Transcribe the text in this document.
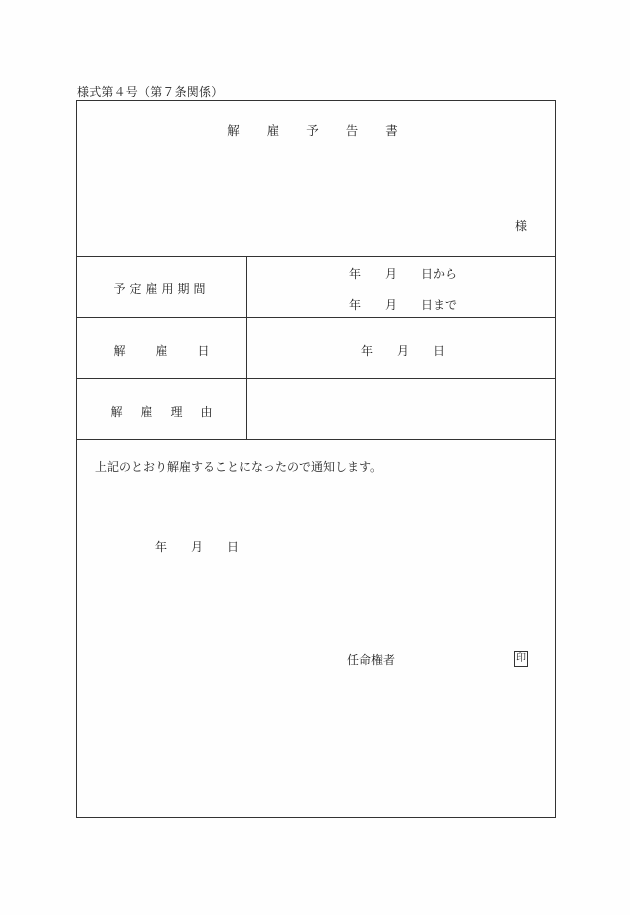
様式第４号（第７条関係）
解雇予告書
様
予定雇用期間
年 月 日から
年 月 日まで
解雇日	年 月 日
解雇理由
上記のとおり解雇することになったので通知します。
年 月 日
任命権者	印
